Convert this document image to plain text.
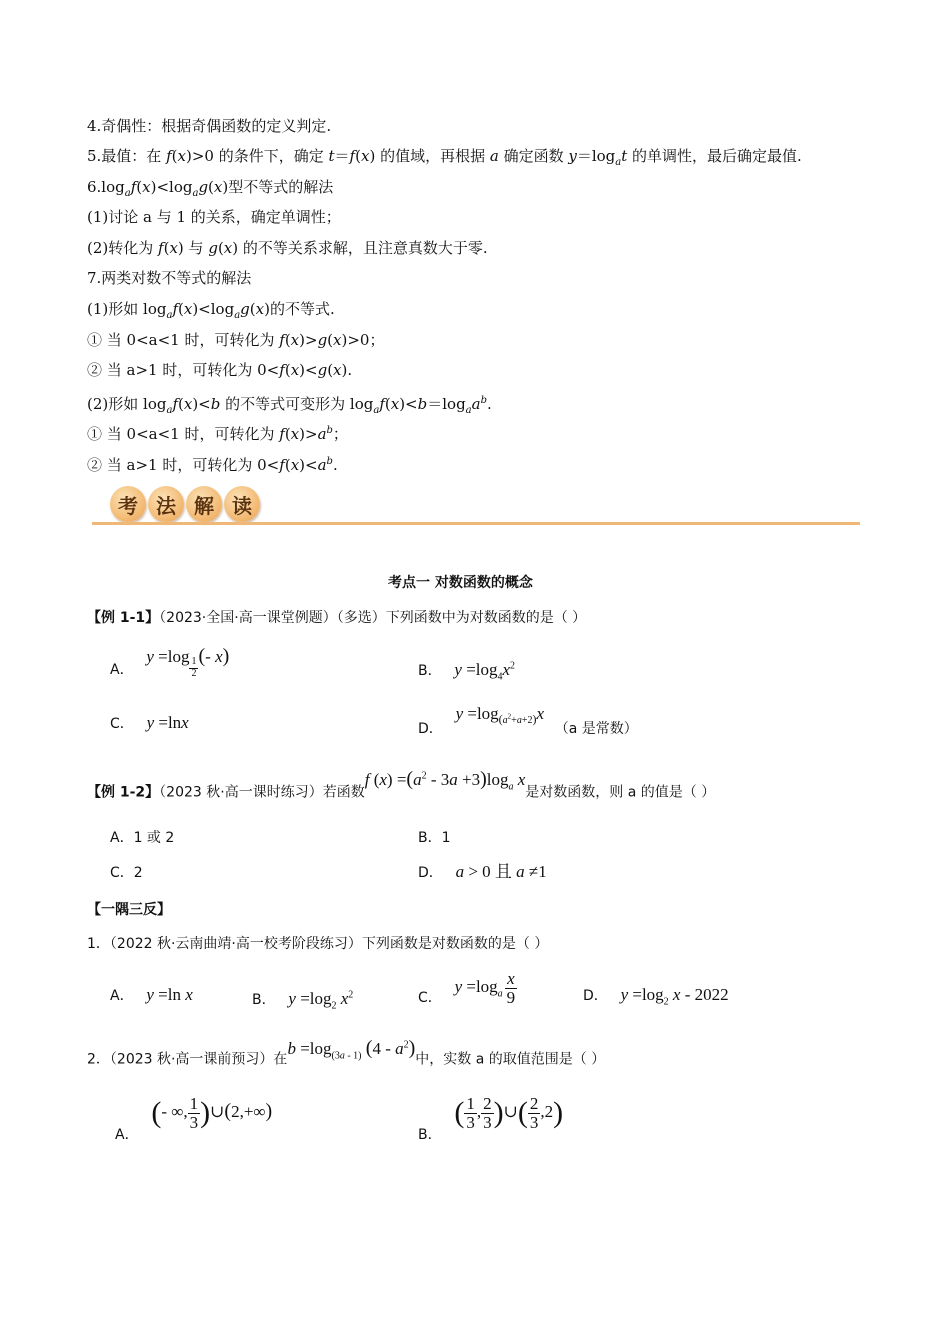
4.奇偶性：根据奇偶函数的定义判定.
5.最值：在 f(x)>0 的条件下，确定 t＝f(x) 的值域，再根据 a 确定函数 $y=\log_at$ 的单调性，最后确定最值.
$6.\log_af(x)<\log_ag(x)$型不等式的解法
(1)讨论 a 与 1 的关系，确定单调性；
(2)转化为 f(x) 与 g(x) 的不等关系求解，且注意真数大于零.
7.两类对数不等式的解法
(1)形如 $\log_af(x)<\log_ag(x)$的不等式.
① 当 0<a<1 时，可转化为 f(x)>g(x)>0；
② 当 a>1 时，可转化为 0<f(x)<g(x).
(2)形如 $\log_af(x)<b$ 的不等式可变形为 $\log_af(x)<b=\log_aa^b$.
① 当 0<a<1 时，可转化为 $f(x)>a^b$；
② 当 a>1 时，可转化为 $0<f(x)<a^b$.
考 法 解 读
考点一 对数函数的概念
【例 1-1】（2023·全国·高一课堂例题）（多选）下列函数中为对数函数的是（ ）
A． y =log
$\frac{1}{2}$
(- x)
B． $y =\log_4x^2$
C． y =lnx	D． $y =\log_{(a^2+a+2)}x$ （a 是常数）
【例 1-2】（2023 秋·高一课时练习）若函数f $(x) =(a^2 - 3a +3)\log_a$ x是对数函数，则 a 的值是（ ）
A．1 或 2	B．1
C．2	D． a > 0 且 a ≠1
【一隅三反】
1．（2022 秋·云南曲靖·高一校考阶段练习）下列函数是对数函数的是（ ）
A． y =ln x	B． $y =\log_2$ $x^2$	C． $y =\log_a \frac{x}{9}$	D． $y =\log_2$ x - 2022
2．（2023 秋·高一课前预习）在$b =\log_{(3a - 1)}$ $(4 - a^2)$中，实数 a 的取值范围是（ ）
A． (- ∞, $\frac{1}{3}$ )∪(2,+∞)
B． ( $\frac{1}{3}$ , $\frac{2}{3}$ )∪( $\frac{2}{3} ,2$)
